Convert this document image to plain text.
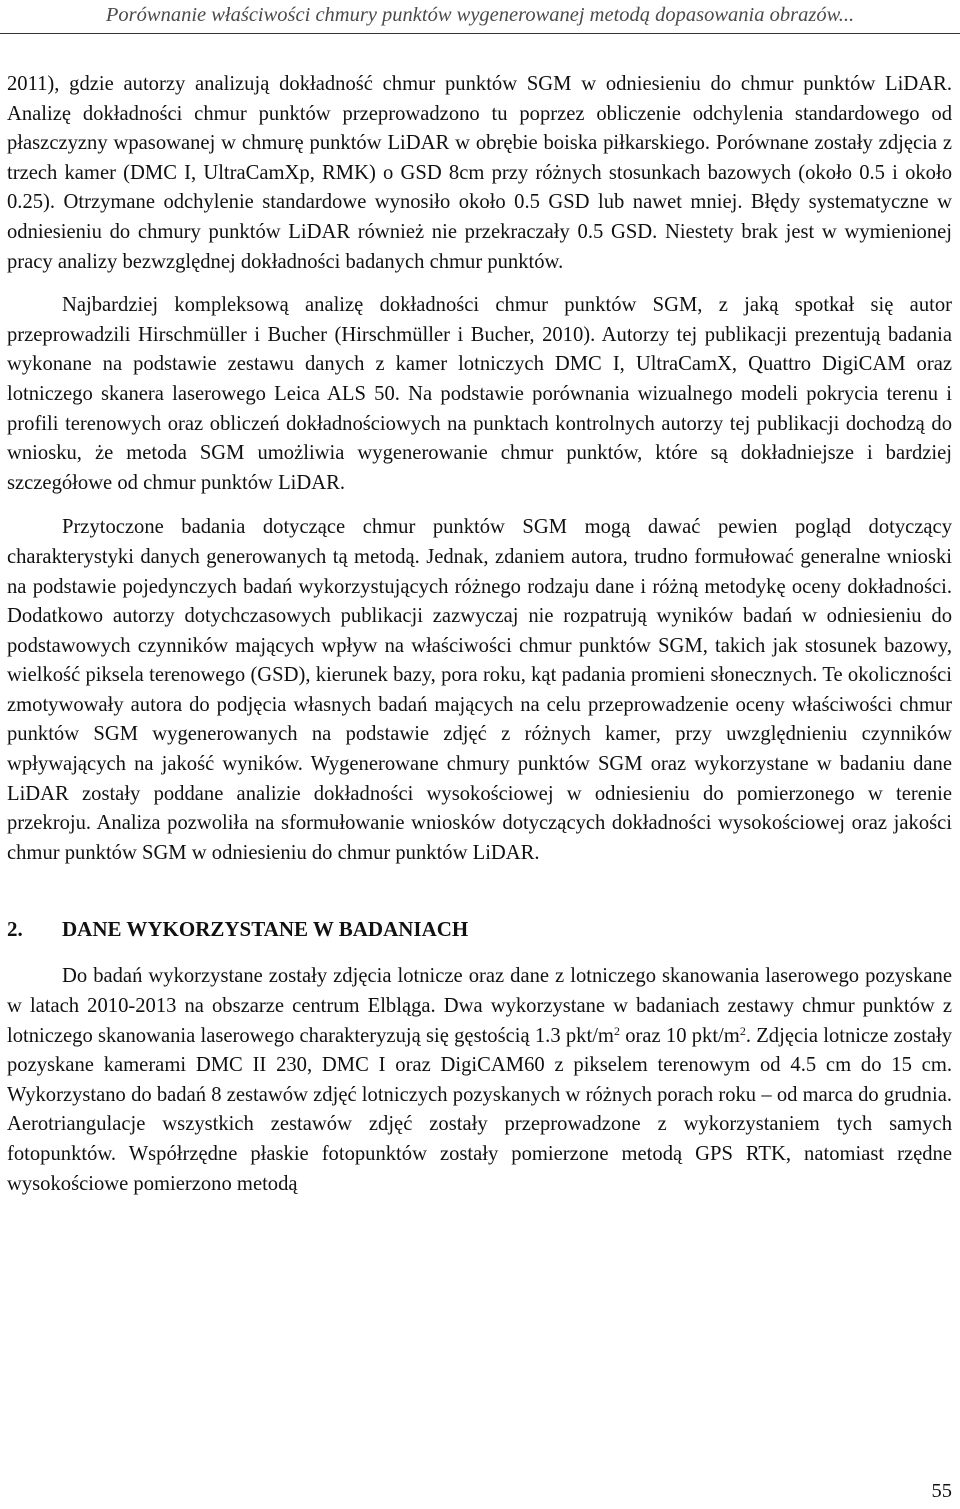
Porównanie właściwości chmury punktów wygenerowanej metodą dopasowania obrazów...

2011), gdzie autorzy analizują dokładność chmur punktów SGM w odniesieniu do chmur punktów LiDAR. Analizę dokładności chmur punktów przeprowadzono tu poprzez obliczenie odchylenia standardowego od płaszczyzny wpasowanej w chmurę punktów LiDAR w obrębie boiska piłkarskiego. Porównane zostały zdjęcia z trzech kamer (DMC I, UltraCamXp, RMK) o GSD 8cm przy różnych stosunkach bazowych (około 0.5 i około 0.25). Otrzymane odchylenie standardowe wynosiło około 0.5 GSD lub nawet mniej. Błędy systematyczne w odniesieniu do chmury punktów LiDAR również nie przekraczały 0.5 GSD. Niestety brak jest w wymienionej pracy analizy bezwzględnej dokładności badanych chmur punktów.

Najbardziej kompleksową analizę dokładności chmur punktów SGM, z jaką spotkał się autor przeprowadzili Hirschmüller i Bucher (Hirschmüller i Bucher, 2010). Autorzy tej publikacji prezentują badania wykonane na podstawie zestawu danych z kamer lotniczych DMC I, UltraCamX, Quattro DigiCAM oraz lotniczego skanera laserowego Leica ALS 50. Na podstawie porównania wizualnego modeli pokrycia terenu i profili terenowych oraz obliczeń dokładnościowych na punktach kontrolnych autorzy tej publikacji dochodzą do wniosku, że metoda SGM umożliwia wygenerowanie chmur punktów, które są dokładniejsze i bardziej szczegółowe od chmur punktów LiDAR.

Przytoczone badania dotyczące chmur punktów SGM mogą dawać pewien pogląd dotyczący charakterystyki danych generowanych tą metodą. Jednak, zdaniem autora, trudno formułować generalne wnioski na podstawie pojedynczych badań wykorzystujących różnego rodzaju dane i różną metodykę oceny dokładności. Dodatkowo autorzy dotychczasowych publikacji zazwyczaj nie rozpatrują wyników badań w odniesieniu do podstawowych czynników mających wpływ na właściwości chmur punktów SGM, takich jak stosunek bazowy, wielkość piksela terenowego (GSD), kierunek bazy, pora roku, kąt padania promieni słonecznych. Te okoliczności zmotywowały autora do podjęcia własnych badań mających na celu przeprowadzenie oceny właściwości chmur punktów SGM wygenerowanych na podstawie zdjęć z różnych kamer, przy uwzględnieniu czynników wpływających na jakość wyników. Wygenerowane chmury punktów SGM oraz wykorzystane w badaniu dane LiDAR zostały poddane analizie dokładności wysokościowej w odniesieniu do pomierzonego w terenie przekroju. Analiza pozwoliła na sformułowanie wniosków dotyczących dokładności wysokościowej oraz jakości chmur punktów SGM w odniesieniu do chmur punktów LiDAR.

2. DANE WYKORZYSTANE W BADANIACH

Do badań wykorzystane zostały zdjęcia lotnicze oraz dane z lotniczego skanowania laserowego pozyskane w latach 2010-2013 na obszarze centrum Elbląga. Dwa wykorzystane w badaniach zestawy chmur punktów z lotniczego skanowania laserowego charakteryzują się gęstością 1.3 pkt/$m^2$ oraz 10 pkt/$m^2$. Zdjęcia lotnicze zostały pozyskane kamerami DMC II 230, DMC I oraz DigiCAM60 z pikselem terenowym od 4.5 cm do 15 cm. Wykorzystano do badań 8 zestawów zdjęć lotniczych pozyskanych w różnych porach roku – od marca do grudnia. Aerotriangulacje wszystkich zestawów zdjęć zostały przeprowadzone z wykorzystaniem tych samych fotopunktów. Współrzędne płaskie fotopunktów zostały pomierzone metodą GPS RTK, natomiast rzędne wysokościowe pomierzono metodą

55
